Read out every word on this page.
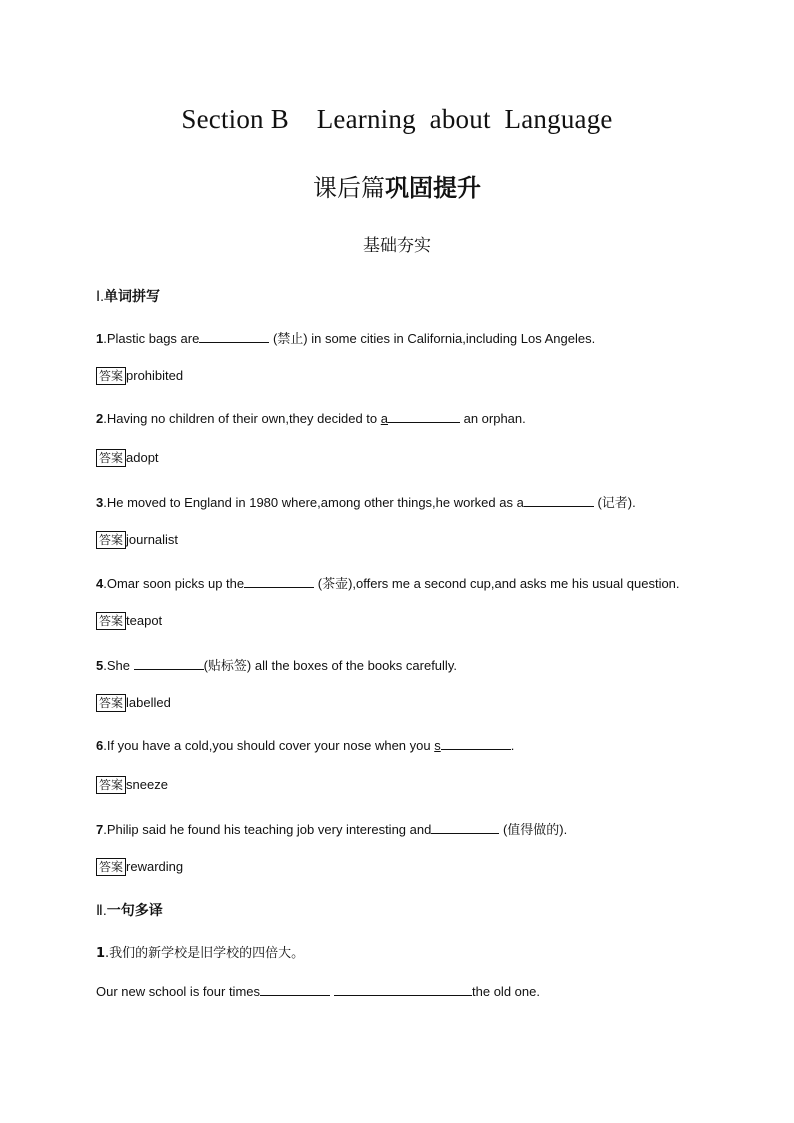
Section B    Learning  about  Language
课后篇巩固提升
基础夯实
Ⅰ.单词拼写
1.Plastic bags are	(禁止) in some cities in California,including Los Angeles.
答案 prohibited
2.Having no children of their own,they decided to a	an orphan.
答案 adopt
3.He moved to England in 1980 where,among other things,he worked as a	(记者).
答案 journalist
4.Omar soon picks up the	(茶壶),offers me a second cup,and asks me his usual question.
答案 teapot
5.She	(贴标签) all the boxes of the books carefully.
答案 labelled
6.If you have a cold,you should cover your nose when you s	.
答案 sneeze
7.Philip said he found his teaching job very interesting and	(值得做的).
答案 rewarding
Ⅱ.一句多译
1.我们的新学校是旧学校的四倍大。
Our new school is four times	the old one.
